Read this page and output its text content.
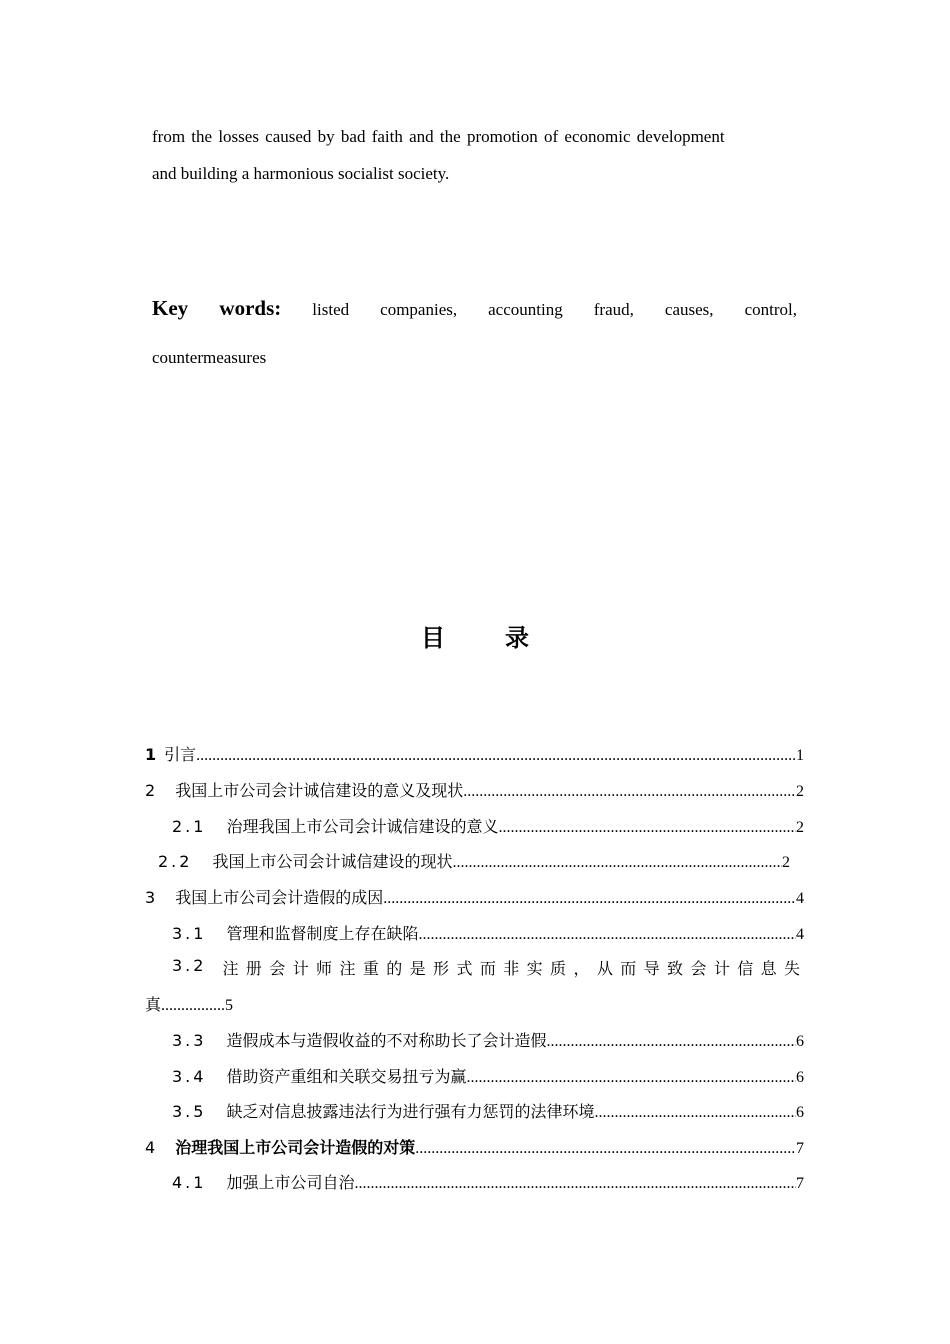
from the losses caused by bad faith and the promotion of economic development
and building a harmonious socialist society.
Key words: listed companies, accounting fraud, causes, control,
countermeasures
目	录
1 引言 .....	1
2 我国上市公司会计诚信建设的意义及现状 .....	2
2.1 治理我国上市公司会计诚信建设的意义 .....	2
2.2 我国上市公司会计诚信建设的现状 .....	2
3 我国上市公司会计造假的成因 .....	4
3.1 管理和监督制度上存在缺陷 .....	4
3.2 注册会计师注重的是形式而非实质，从而导致会计信息失
真................5
3.3 造假成本与造假收益的不对称助长了会计造假 .....	6
3.4 借助资产重组和关联交易扭亏为赢 .....	6
3.5 缺乏对信息披露违法行为进行强有力惩罚的法律环境 .....	6
4 治理我国上市公司会计造假的对策 .....	7
4.1 加强上市公司自治 .....	7
